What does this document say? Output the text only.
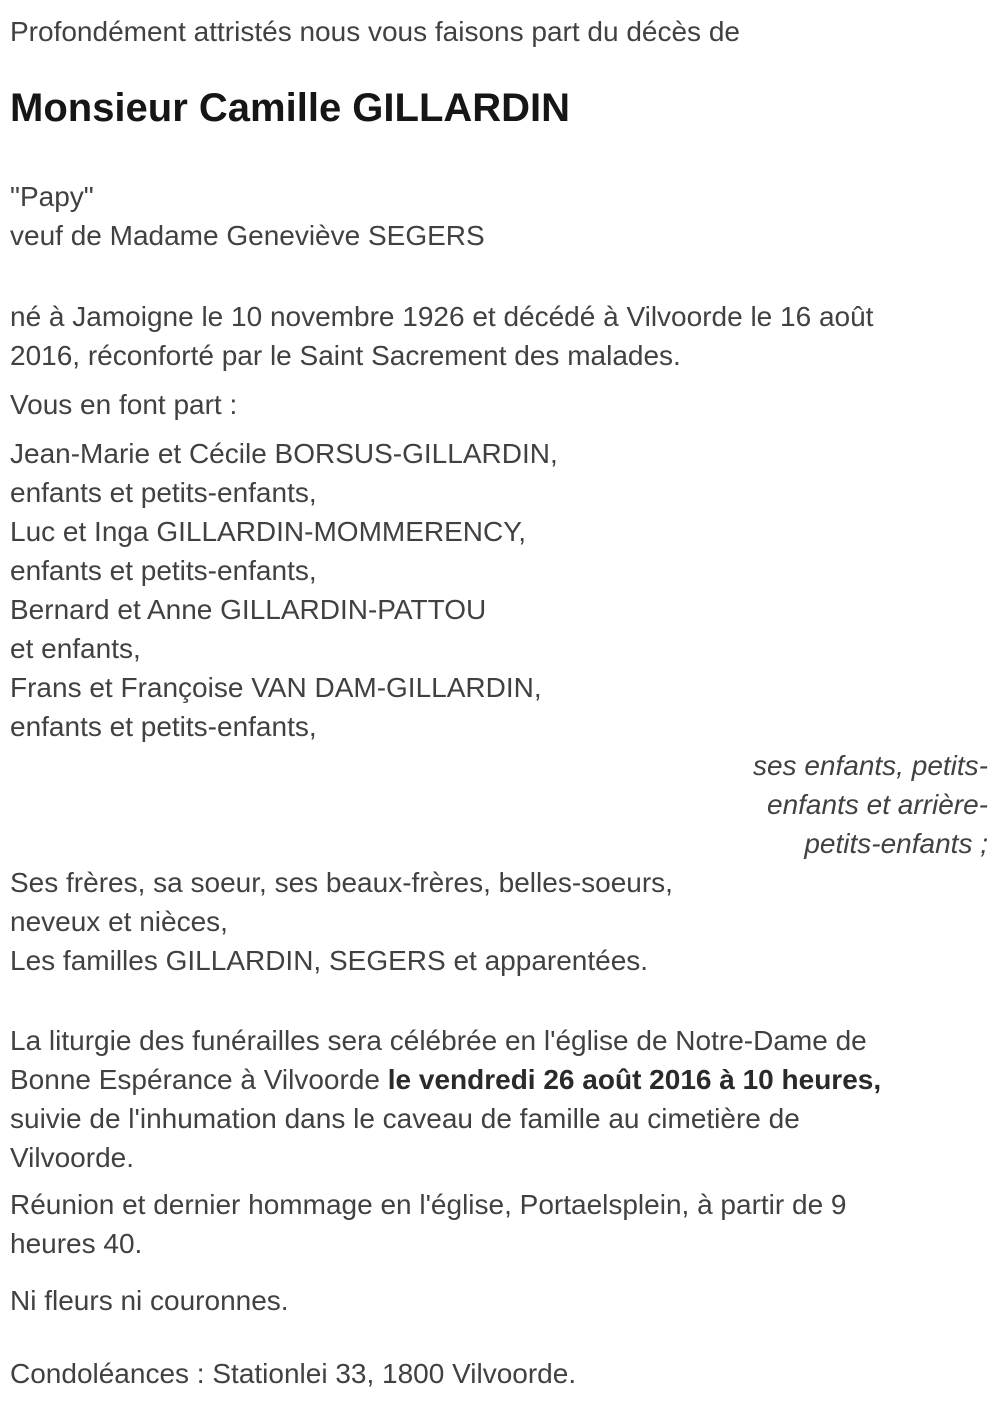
Profondément attristés nous vous faisons part du décès de

Monsieur Camille GILLARDIN
"Papy"
veuf de Madame Geneviève SEGERS

né à Jamoigne le 10 novembre 1926 et décédé à Vilvoorde le 16 août 2016, réconforté par le Saint Sacrement des malades.

Vous en font part :

Jean-Marie et Cécile BORSUS-GILLARDIN,
enfants et petits-enfants,
Luc et Inga GILLARDIN-MOMMERENCY,
enfants et petits-enfants,
Bernard et Anne GILLARDIN-PATTOU
et enfants,
Frans et Françoise VAN DAM-GILLARDIN,
enfants et petits-enfants,
ses enfants, petits-
enfants et arrière-
petits-enfants ;
Ses frères, sa soeur, ses beaux-frères, belles-soeurs,
neveux et nièces,
Les familles GILLARDIN, SEGERS et apparentées.

La liturgie des funérailles sera célébrée en l'église de Notre-Dame de Bonne Espérance à Vilvoorde le vendredi 26 août 2016 à 10 heures, suivie de l'inhumation dans le caveau de famille au cimetière de Vilvoorde.

Réunion et dernier hommage en l'église, Portaelsplein, à partir de 9 heures 40.

Ni fleurs ni couronnes.

Condoléances : Stationlei 33, 1800 Vilvoorde.
